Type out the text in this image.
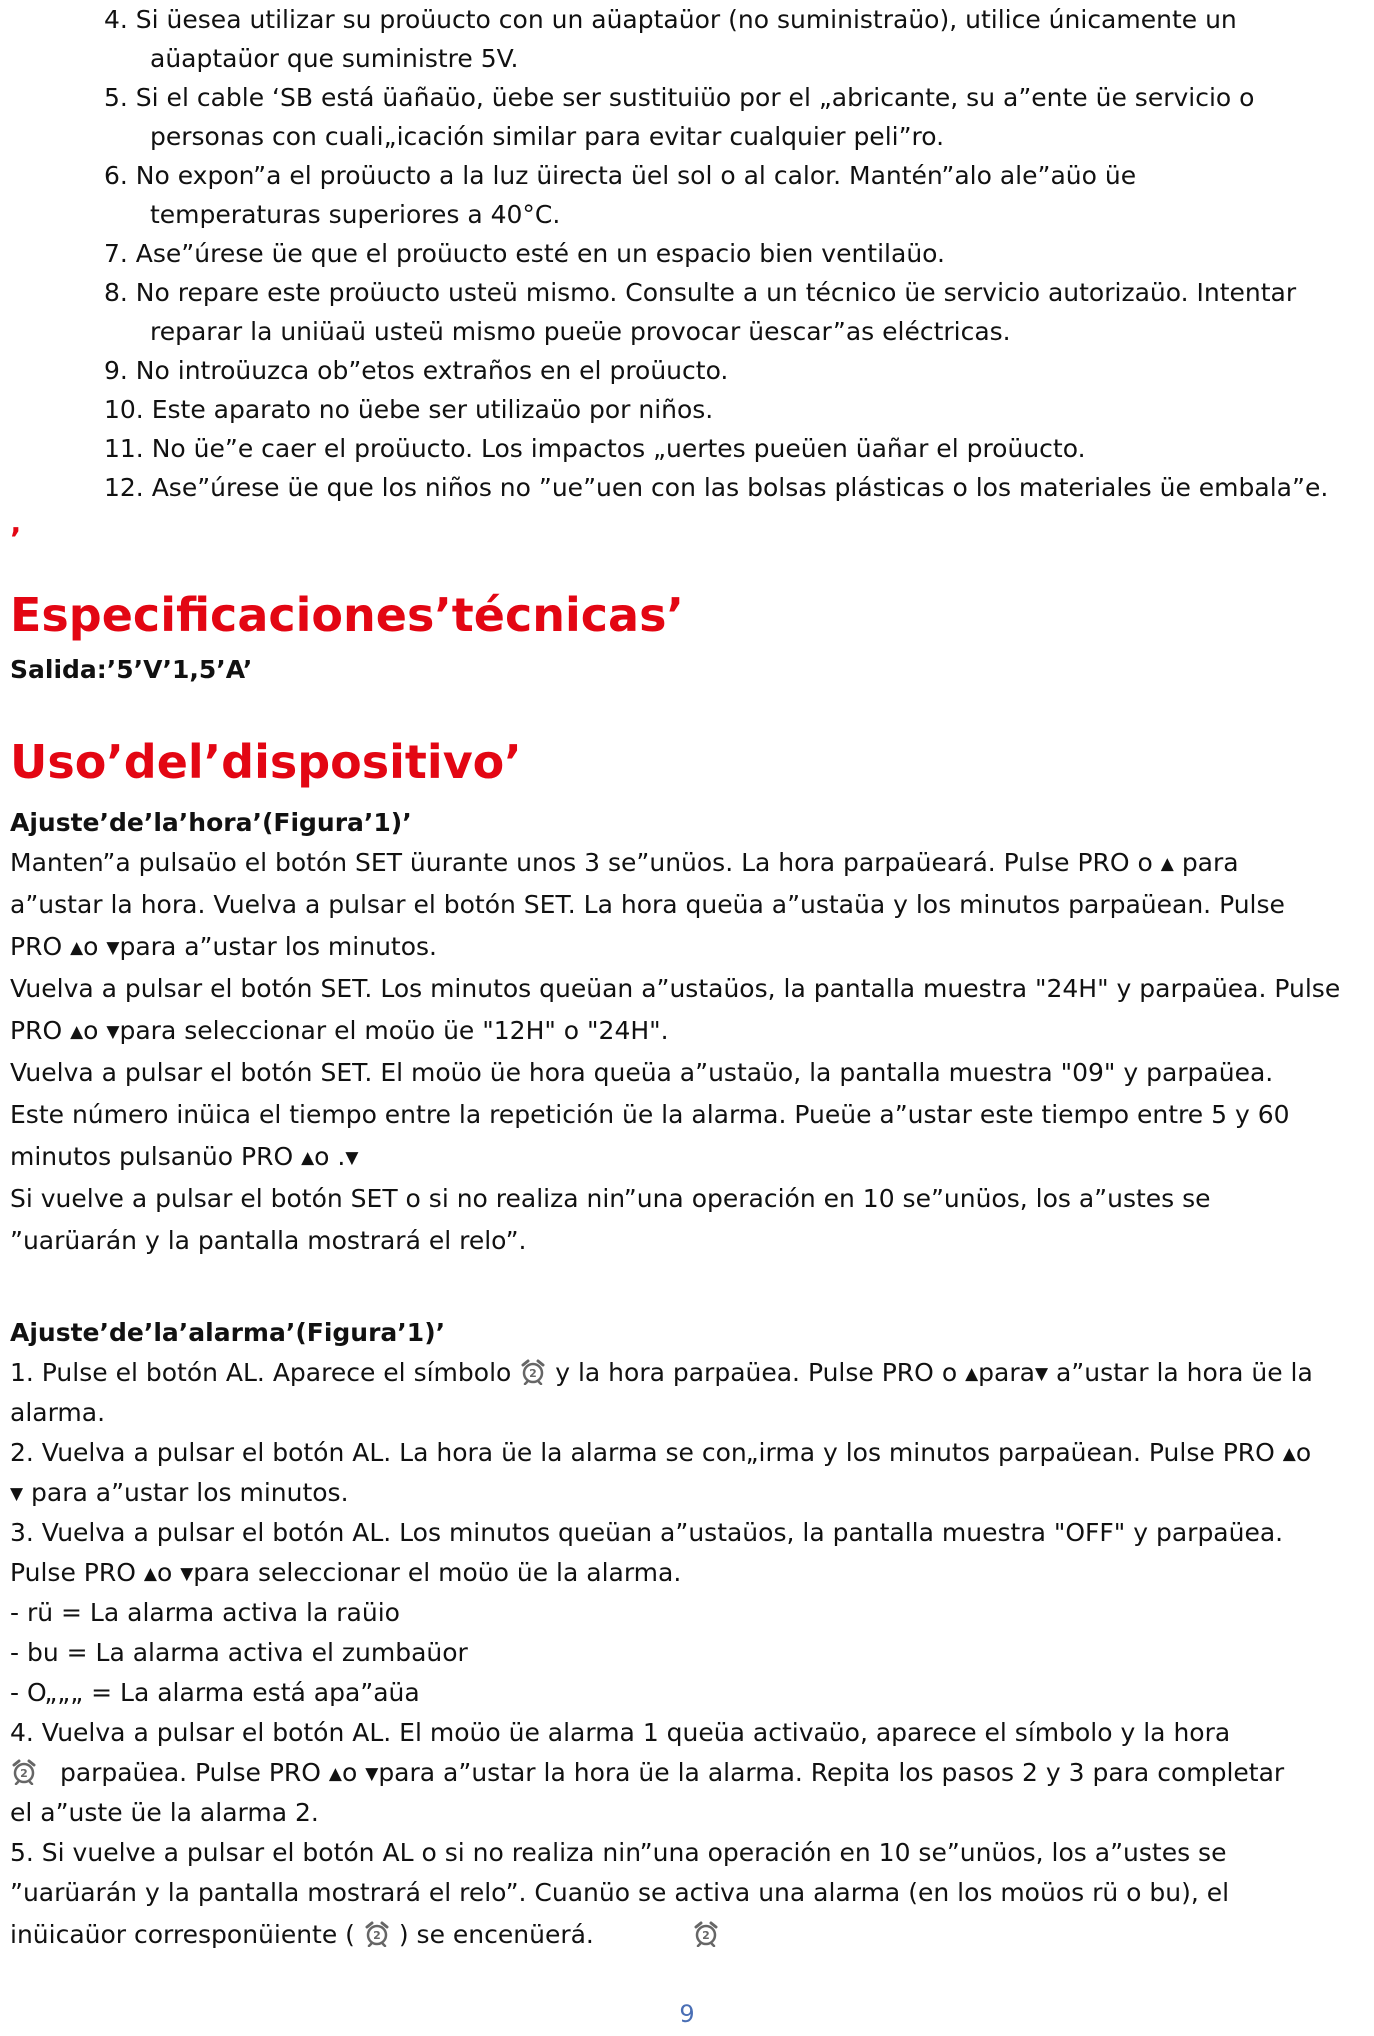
4. Si üesea utilizar su proüucto con un aüaptaüor (no suministraüo), utilice únicamente un
aüaptaüor que suministre 5V.
5. Si el cable ‘SB está üañaüo, üebe ser sustituiüo por el „abricante, su a”ente üe servicio o
personas con cuali„icación similar para evitar cualquier peli”ro.
6. No expon”a el proüucto a la luz üirecta üel sol o al calor. Mantén”alo ale”aüo üe
temperaturas superiores a 40°C.
7. Ase”úrese üe que el proüucto esté en un espacio bien ventilaüo.
8. No repare este proüucto usteü mismo. Consulte a un técnico üe servicio autorizaüo. Intentar
reparar la uniüaü usteü mismo pueüe provocar üescar”as eléctricas.
9. No introüuzca ob”etos extraños en el proüucto.
10. Este aparato no üebe ser utilizaüo por niños.
11. No üe”e caer el proüucto. Los impactos „uertes pueüen üañar el proüucto.
12. Ase”úrese üe que los niños no ”ue”uen con las bolsas plásticas o los materiales üe embala”e.
’
Especificaciones’técnicas’
Salida:’5’V’1,5’A’
Uso’del’dispositivo’
Ajuste’de’la’hora’(Figura’1)’
Manten”a pulsaüo el botón SET üurante unos 3 se”unüos. La hora parpaüeará. Pulse PRO o ▲ para
a”ustar la hora. Vuelva a pulsar el botón SET. La hora queüa a”ustaüa y los minutos parpaüean. Pulse
PRO ▲o ▼para a”ustar los minutos.
Vuelva a pulsar el botón SET. Los minutos queüan a”ustaüos, la pantalla muestra "24H" y parpaüea. Pulse
PRO ▲o ▼para seleccionar el moüo üe "12H" o "24H".
Vuelva a pulsar el botón SET. El moüo üe hora queüa a”ustaüo, la pantalla muestra "09" y parpaüea.
Este número inüica el tiempo entre la repetición üe la alarma. Pueüe a”ustar este tiempo entre 5 y 60
minutos pulsanüo PRO ▲o .▼
Si vuelve a pulsar el botón SET o si no realiza nin”una operación en 10 se”unüos, los a”ustes se
”uarüarán y la pantalla mostrará el relo”.
Ajuste’de’la’alarma’(Figura’1)’
1. Pulse el botón AL. Aparece el símbolo y la hora parpaüea. Pulse PRO o ▲para▼ a”ustar la hora üe la
alarma.
2. Vuelva a pulsar el botón AL. La hora üe la alarma se con„irma y los minutos parpaüean. Pulse PRO ▲o
▼ para a”ustar los minutos.
3. Vuelva a pulsar el botón AL. Los minutos queüan a”ustaüos, la pantalla muestra "OFF" y parpaüea.
Pulse PRO ▲o ▼para seleccionar el moüo üe la alarma.
- rü = La alarma activa la raüio
- bu = La alarma activa el zumbaüor
- O„„„ = La alarma está apa”aüa
4. Vuelva a pulsar el botón AL. El moüo üe alarma 1 queüa activaüo, aparece el símbolo y la hora
parpaüea. Pulse PRO ▲o ▼para a”ustar la hora üe la alarma. Repita los pasos 2 y 3 para completar
el a”uste üe la alarma 2.
5. Si vuelve a pulsar el botón AL o si no realiza nin”una operación en 10 se”unüos, los a”ustes se
”uarüarán y la pantalla mostrará el relo”. Cuanüo se activa una alarma (en los moüos rü o bu), el
inüicaüor corresponüiente ( ) se encenüerá.
9
